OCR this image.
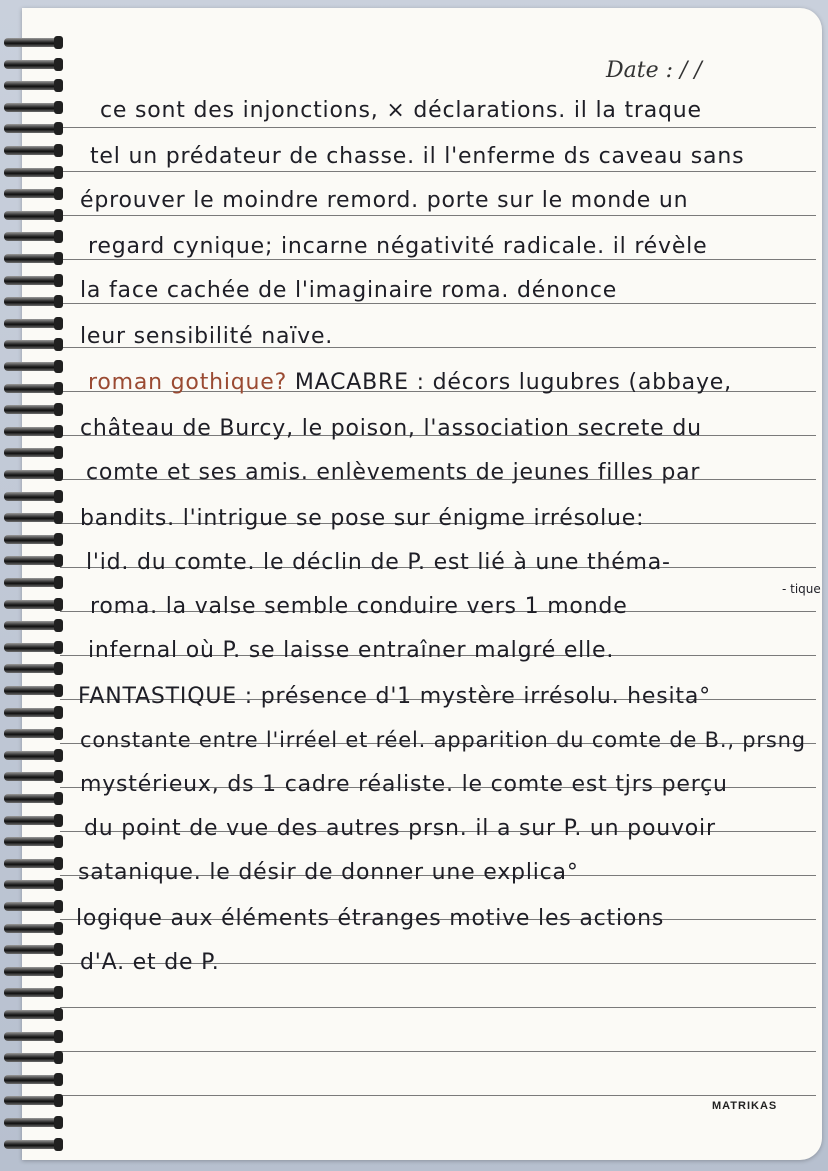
Date : / /
ce sont des injonctions, × déclarations. il la traque
tel un prédateur de chasse. il l'enferme ds caveau sans
éprouver le moindre remord. porte sur le monde un
regard cynique; incarne négativité radicale. il révèle
la face cachée de l'imaginaire roma. dénonce
leur sensibilité naïve.
roman gothique? MACABRE : décors lugubres (abbaye,
château de Burcy, le poison, l'association secrete du
comte et ses amis. enlèvements de jeunes filles par
bandits. l'intrigue se pose sur énigme irrésolue:
l'id. du comte. le déclin de P. est lié à une théma-
roma. la valse semble conduire vers 1 monde
infernal où P. se laisse entraîner malgré elle.
FANTASTIQUE : présence d'1 mystère irrésolu. hesita°
constante entre l'irréel et réel. apparition du comte de B., prsng
mystérieux, ds 1 cadre réaliste. le comte est tjrs perçu
du point de vue des autres prsn. il a sur P. un pouvoir
satanique. le désir de donner une explica°
logique aux éléments étranges motive les actions
d'A. et de P.
- tique
MATRIKAS
